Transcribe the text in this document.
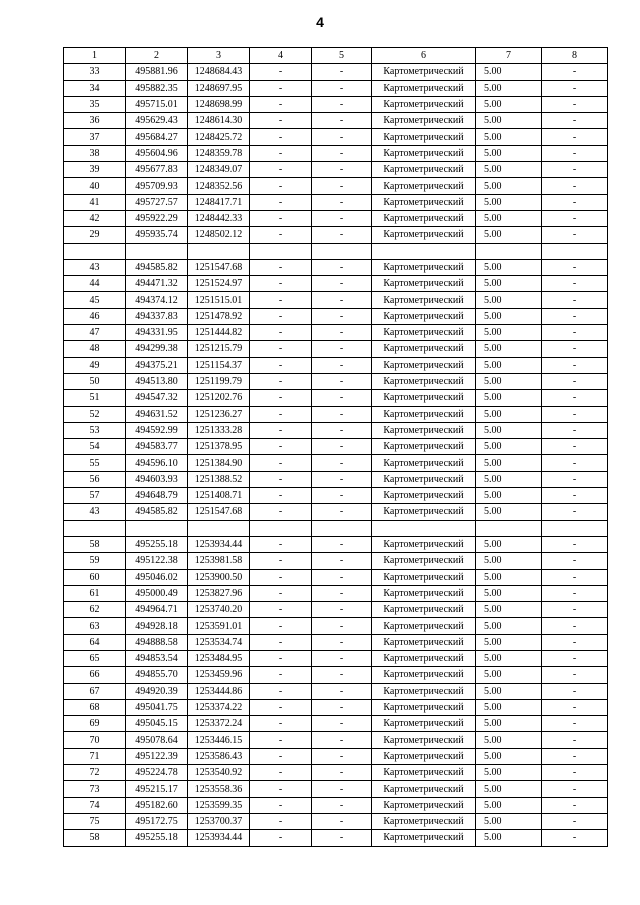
4
1	2	3	4	5	6	7	8
33	495881.96	1248684.43	-	-	Картометрический	5.00	-
34	495882.35	1248697.95	-	-	Картометрический	5.00	-
35	495715.01	1248698.99	-	-	Картометрический	5.00	-
36	495629.43	1248614.30	-	-	Картометрический	5.00	-
37	495684.27	1248425.72	-	-	Картометрический	5.00	-
38	495604.96	1248359.78	-	-	Картометрический	5.00	-
39	495677.83	1248349.07	-	-	Картометрический	5.00	-
40	495709.93	1248352.56	-	-	Картометрический	5.00	-
41	495727.57	1248417.71	-	-	Картометрический	5.00	-
42	495922.29	1248442.33	-	-	Картометрический	5.00	-
29	495935.74	1248502.12	-	-	Картометрический	5.00	-

43	494585.82	1251547.68	-	-	Картометрический	5.00	-
44	494471.32	1251524.97	-	-	Картометрический	5.00	-
45	494374.12	1251515.01	-	-	Картометрический	5.00	-
46	494337.83	1251478.92	-	-	Картометрический	5.00	-
47	494331.95	1251444.82	-	-	Картометрический	5.00	-
48	494299.38	1251215.79	-	-	Картометрический	5.00	-
49	494375.21	1251154.37	-	-	Картометрический	5.00	-
50	494513.80	1251199.79	-	-	Картометрический	5.00	-
51	494547.32	1251202.76	-	-	Картометрический	5.00	-
52	494631.52	1251236.27	-	-	Картометрический	5.00	-
53	494592.99	1251333.28	-	-	Картометрический	5.00	-
54	494583.77	1251378.95	-	-	Картометрический	5.00	-
55	494596.10	1251384.90	-	-	Картометрический	5.00	-
56	494603.93	1251388.52	-	-	Картометрический	5.00	-
57	494648.79	1251408.71	-	-	Картометрический	5.00	-
43	494585.82	1251547.68	-	-	Картометрический	5.00	-

58	495255.18	1253934.44	-	-	Картометрический	5.00	-
59	495122.38	1253981.58	-	-	Картометрический	5.00	-
60	495046.02	1253900.50	-	-	Картометрический	5.00	-
61	495000.49	1253827.96	-	-	Картометрический	5.00	-
62	494964.71	1253740.20	-	-	Картометрический	5.00	-
63	494928.18	1253591.01	-	-	Картометрический	5.00	-
64	494888.58	1253534.74	-	-	Картометрический	5.00	-
65	494853.54	1253484.95	-	-	Картометрический	5.00	-
66	494855.70	1253459.96	-	-	Картометрический	5.00	-
67	494920.39	1253444.86	-	-	Картометрический	5.00	-
68	495041.75	1253374.22	-	-	Картометрический	5.00	-
69	495045.15	1253372.24	-	-	Картометрический	5.00	-
70	495078.64	1253446.15	-	-	Картометрический	5.00	-
71	495122.39	1253586.43	-	-	Картометрический	5.00	-
72	495224.78	1253540.92	-	-	Картометрический	5.00	-
73	495215.17	1253558.36	-	-	Картометрический	5.00	-
74	495182.60	1253599.35	-	-	Картометрический	5.00	-
75	495172.75	1253700.37	-	-	Картометрический	5.00	-
58	495255.18	1253934.44	-	-	Картометрический	5.00	-
